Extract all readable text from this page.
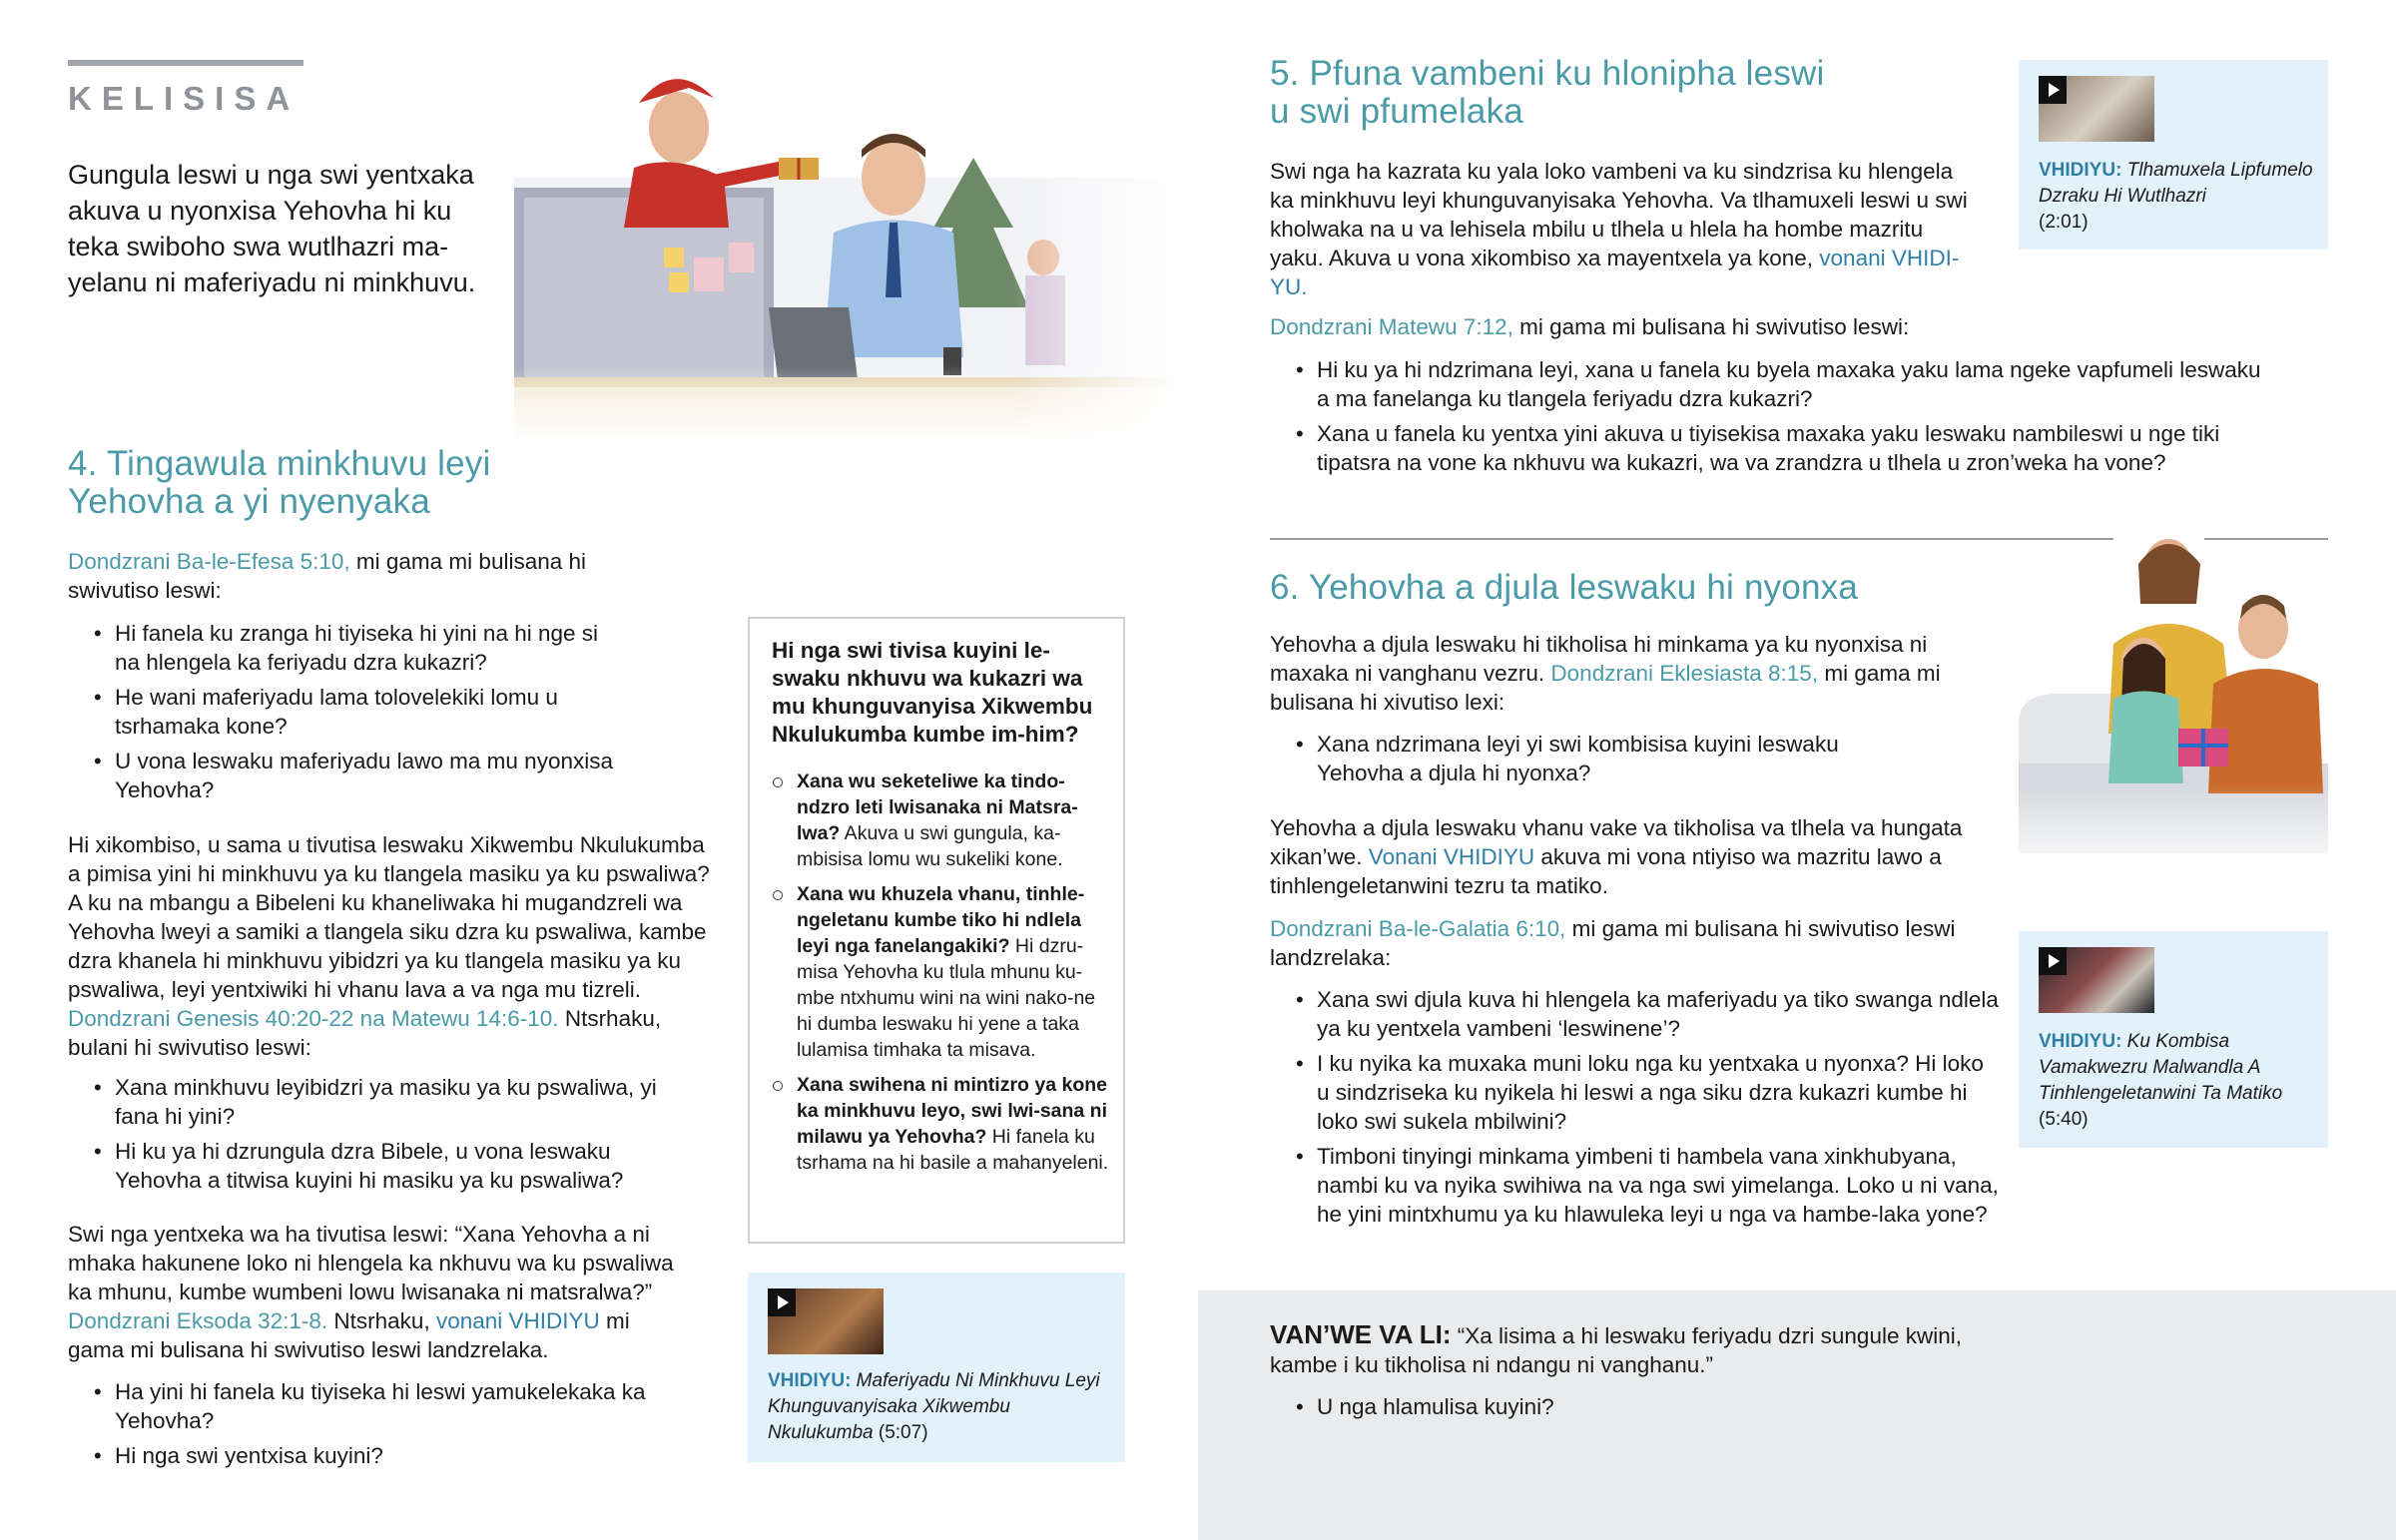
KELISISA
Gungula leswi u nga swi yentxaka akuva u nyonxisa Yehovha hi ku teka swiboho swa wutlhazri ma-yelanu ni maferiyadu ni minkhuvu.
4. Tingawula minkhuvu leyi
Yehovha a yi nyenyaka
Dondzrani Ba-le-Efesa 5:10, mi gama mi bulisana hi swivutiso leswi:
• Hi fanela ku zranga hi tiyiseka hi yini na hi nge si na hlengela ka feriyadu dzra kukazri?
• He wani maferiyadu lama tolovelekiki lomu u tsrhamaka kone?
• U vona leswaku maferiyadu lawo ma mu nyonxisa Yehovha?
Hi xikombiso, u sama u tivutisa leswaku Xikwembu Nkulukumba a pimisa yini hi minkhuvu ya ku tlangela masiku ya ku pswaliwa? A ku na mbangu a Bibeleni ku khaneliwaka hi mugandzreli wa Yehovha lweyi a samiki a tlangela siku dzra ku pswaliwa, kambe dzra khanela hi minkhuvu yibidzri ya ku tlangela masiku ya ku pswaliwa, leyi yentxiwiki hi vhanu lava a va nga mu tizreli. Dondzrani Genesis 40:20-22 na Matewu 14:6-10. Ntsrhaku, bulani hi swivutiso leswi:
• Xana minkhuvu leyibidzri ya masiku ya ku pswaliwa, yi fana hi yini?
• Hi ku ya hi dzrungula dzra Bibele, u vona leswaku Yehovha a titwisa kuyini hi masiku ya ku pswaliwa?
Swi nga yentxeka wa ha tivutisa leswi: “Xana Yehovha a ni mhaka hakunene loko ni hlengela ka nkhuvu wa ku pswaliwa ka mhunu, kumbe wumbeni lowu lwisanaka ni matsralwa?” Dondzrani Eksoda 32:1-8. Ntsrhaku, vonani VHIDIYU mi gama mi bulisana hi swivutiso leswi landzrelaka.
• Ha yini hi fanela ku tiyiseka hi leswi yamukelekaka ka Yehovha?
• Hi nga swi yentxisa kuyini?
Hi nga swi tivisa kuyini le-swaku nkhuvu wa kukazri wa mu khunguvanyisa Xikwembu Nkulukumba kumbe im-him?
Xana wu seketeliwe ka tindo-ndzro leti lwisanaka ni Matsra-lwa? Akuva u swi gungula, ka-mbisisa lomu wu sukeliki kone.
Xana wu khuzela vhanu, tinhle-ngeletanu kumbe tiko hi ndlela leyi nga fanelangakiki? Hi dzru-misa Yehovha ku tlula mhunu ku-mbe ntxhumu wini na wini nako-ne hi dumba leswaku hi yene a taka lulamisa timhaka ta misava.
Xana swihena ni mintizro ya kone ka minkhuvu leyo, swi lwi-sana ni milawu ya Yehovha? Hi fanela ku tsrhama na hi basile a mahanyeleni.
VHIDIYU: Maferiyadu Ni Minkhuvu Leyi Khunguvanyisaka Xikwembu Nkulukumba (5:07)
5. Pfuna vambeni ku hlonipha leswi
u swi pfumelaka
Swi nga ha kazrata ku yala loko vambeni va ku sindzrisa ku hlengela ka minkhuvu leyi khunguvanyisaka Yehovha. Va tlhamuxeli leswi u swi kholwaka na u va lehisela mbilu u tlhela u hlela ha hombe mazritu yaku. Akuva u vona xikombiso xa mayentxela ya kone, vonani VHIDI-YU.
Dondzrani Matewu 7:12, mi gama mi bulisana hi swivutiso leswi:
• Hi ku ya hi ndzrimana leyi, xana u fanela ku byela maxaka yaku lama ngeke vapfumeli leswaku a ma fanelanga ku tlangela feriyadu dzra kukazri?
• Xana u fanela ku yentxa yini akuva u tiyisekisa maxaka yaku leswaku nambileswi u nge tiki tipatsra na vone ka nkhuvu wa kukazri, wa va zrandzra u tlhela u zron’weka ha vone?
VHIDIYU: Tlhamuxela Lipfumelo Dzraku Hi Wutlhazri
(2:01)
6. Yehovha a djula leswaku hi nyonxa
Yehovha a djula leswaku hi tikholisa hi minkama ya ku nyonxisa ni maxaka ni vanghanu vezru. Dondzrani Eklesiasta 8:15, mi gama mi bulisana hi xivutiso lexi:
• Xana ndzrimana leyi yi swi kombisisa kuyini leswaku Yehovha a djula hi nyonxa?
Yehovha a djula leswaku vhanu vake va tikholisa va tlhela va hungata xikan’we. Vonani VHIDIYU akuva mi vona ntiyiso wa mazritu lawo a tinhlengeletanwini tezru ta matiko.
Dondzrani Ba-le-Galatia 6:10, mi gama mi bulisana hi swivutiso leswi landzrelaka:
• Xana swi djula kuva hi hlengela ka maferiyadu ya tiko swanga ndlela ya ku yentxela vambeni ‘leswinene’?
• I ku nyika ka muxaka muni loku nga ku yentxaka u nyonxa? Hi loko u sindzriseka ku nyikela hi leswi a nga siku dzra kukazri kumbe hi loko swi sukela mbilwini?
• Timboni tinyingi minkama yimbeni ti hambela vana xinkhubyana, nambi ku va nyika swihiwa na va nga swi yimelanga. Loko u ni vana, he yini mintxhumu ya ku hlawuleka leyi u nga va hambe-laka yone?
VHIDIYU: Ku Kombisa Vamakwezru Malwandla A Tinhlengeletanwini Ta Matiko
(5:40)
VAN’WE VA LI: “Xa lisima a hi leswaku feriyadu dzri sungule kwini, kambe i ku tikholisa ni ndangu ni vanghanu.”
• U nga hlamulisa kuyini?
